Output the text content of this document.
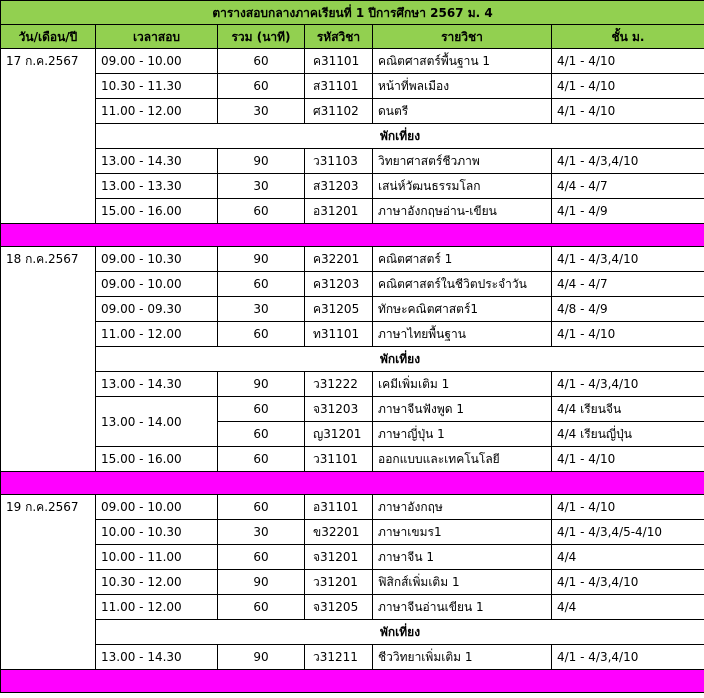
ตารางสอบกลางภาคเรียนที่ 1 ปีการศึกษา 2567 ม. 4					
วัน/เดือน/ปี	เวลาสอบ	รวม (นาที)	รหัสวิชา	รายวิชา	ชั้น ม.
17 ก.ค.2567	09.00 - 10.00	60	ค31101	คณิตศาสตร์พื้นฐาน 1	4/1 - 4/10
	10.30 - 11.30	60	ส31101	หน้าที่พลเมือง	4/1 - 4/10
	11.00 - 12.00	30	ศ31102	ดนตรี	4/1 - 4/10
	พักเที่ยง				
	13.00 - 14.30	90	ว31103	วิทยาศาสตร์ชีวภาพ	4/1 - 4/3,4/10
	13.00 - 13.30	30	ส31203	เสน่ห์วัฒนธรรมโลก	4/4 - 4/7
	15.00 - 16.00	60	อ31201	ภาษาอังกฤษอ่าน-เขียน	4/1 - 4/9

18 ก.ค.2567	09.00 - 10.30	90	ค32201	คณิตศาสตร์ 1	4/1 - 4/3,4/10
	09.00 - 10.00	60	ค31203	คณิตศาสตร์ในชีวิตประจำวัน	4/4 - 4/7
	09.00 - 09.30	30	ค31205	ทักษะคณิตศาสตร์1	4/8 - 4/9
	11.00 - 12.00	60	ท31101	ภาษาไทยพื้นฐาน	4/1 - 4/10
	พักเที่ยง				
	13.00 - 14.30	90	ว31222	เคมีเพิ่มเติม 1	4/1 - 4/3,4/10
	13.00 - 14.00	60	จ31203	ภาษาจีนฟังพูด 1	4/4 เรียนจีน
		60	ญ31201	ภาษาญี่ปุ่น 1	4/4 เรียนญี่ปุ่น
	15.00 - 16.00	60	ว31101	ออกแบบและเทคโนโลยี	4/1 - 4/10

19 ก.ค.2567	09.00 - 10.00	60	อ31101	ภาษาอังกฤษ	4/1 - 4/10
	10.00 - 10.30	30	ข32201	ภาษาเขมร1	4/1 - 4/3,4/5-4/10
	10.00 - 11.00	60	จ31201	ภาษาจีน 1	4/4
	10.30 - 12.00	90	ว31201	ฟิสิกส์เพิ่มเติม 1	4/1 - 4/3,4/10
	11.00 - 12.00	60	จ31205	ภาษาจีนอ่านเขียน 1	4/4
	พักเที่ยง				
	13.00 - 14.30	90	ว31211	ชีววิทยาเพิ่มเติม 1	4/1 - 4/3,4/10
